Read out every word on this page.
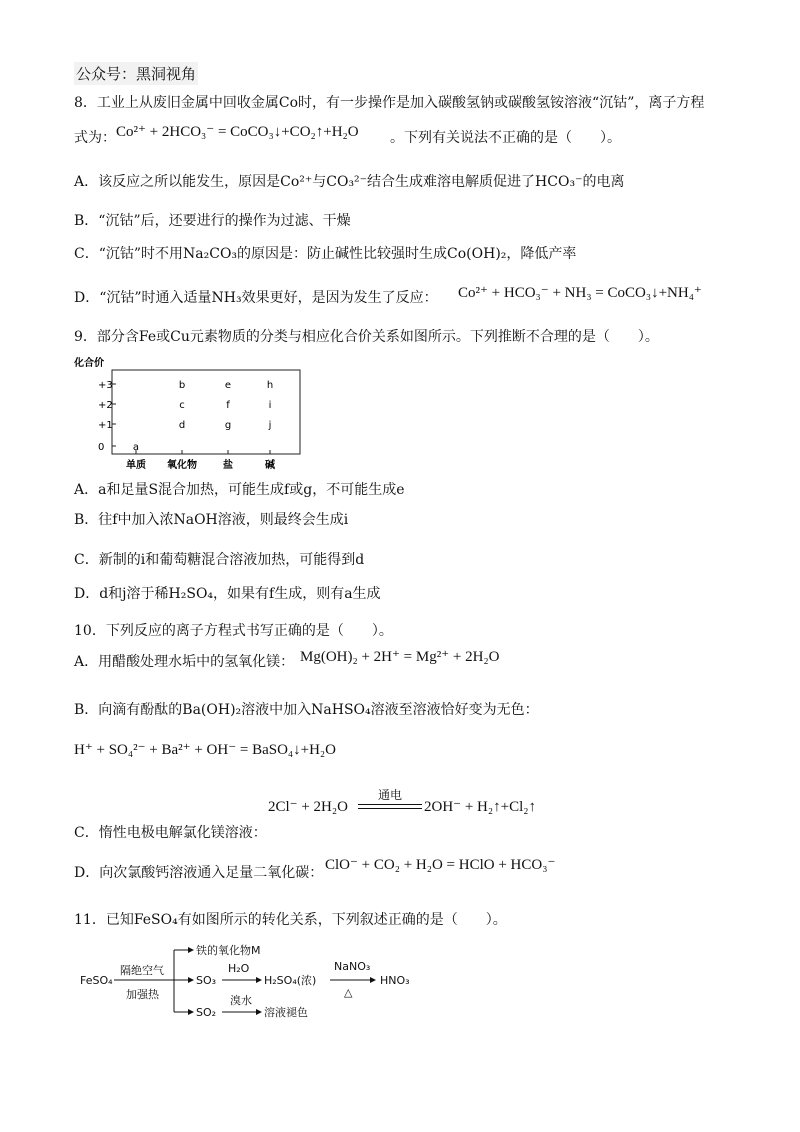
公众号：黑洞视角
8．工业上从废旧金属中回收金属Co时，有一步操作是加入碳酸氢钠或碳酸氢铵溶液“沉钴”，离子方程
式为： Co²⁺ + 2HCO₃⁻ = CoCO₃↓+CO₂↑+H₂O 。下列有关说法不正确的是（　　）。
A．该反应之所以能发生，原因是Co²⁺与CO₃²⁻结合生成难溶电解质促进了HCO₃⁻的电离
B．“沉钴”后，还要进行的操作为过滤、干燥
C．“沉钴”时不用Na₂CO₃的原因是：防止碱性比较强时生成Co(OH)₂，降低产率
D．“沉钴”时通入适量NH₃效果更好，是因为发生了反应： Co²⁺ + HCO₃⁻ + NH₃ = CoCO₃↓+NH₄⁺
9．部分含Fe或Cu元素物质的分类与相应化合价关系如图所示。下列推断不合理的是（　　）。
化合价
+3
+2
+1
0
单质 氧化物	盐	碱
b	e	h
c	f	i
d	g	j
a
A．a和足量S混合加热，可能生成f或g，不可能生成e
B．往f中加入浓NaOH溶液，则最终会生成i
C．新制的i和葡萄糖混合溶液加热，可能得到d
D．d和j溶于稀H₂SO₄，如果有f生成，则有a生成
10．下列反应的离子方程式书写正确的是（　　）。
A．用醋酸处理水垢中的氢氧化镁： Mg(OH)₂ + 2H⁺ = Mg²⁺ + 2H₂O
B．向滴有酚酞的Ba(OH)₂溶液中加入NaHSO₄溶液至溶液恰好变为无色：
H⁺ + SO₄²⁻ + Ba²⁺ + OH⁻ = BaSO₄↓+H₂O
2Cl⁻ + 2H₂O
通电
2OH⁻ + H₂↑+Cl₂↑
C．惰性电极电解氯化镁溶液：
D．向次氯酸钙溶液通入足量二氧化碳： ClO⁻ + CO₂ + H₂O = HClO + HCO₃⁻
11．已知FeSO₄有如图所示的转化关系，下列叙述正确的是（　　）。
FeSO₄
隔绝空气
加强热
铁的氧化物M
SO₃
H₂O
H₂SO₄(浓)
NaNO₃
△
HNO₃
SO₂
溴水
溶液褪色
